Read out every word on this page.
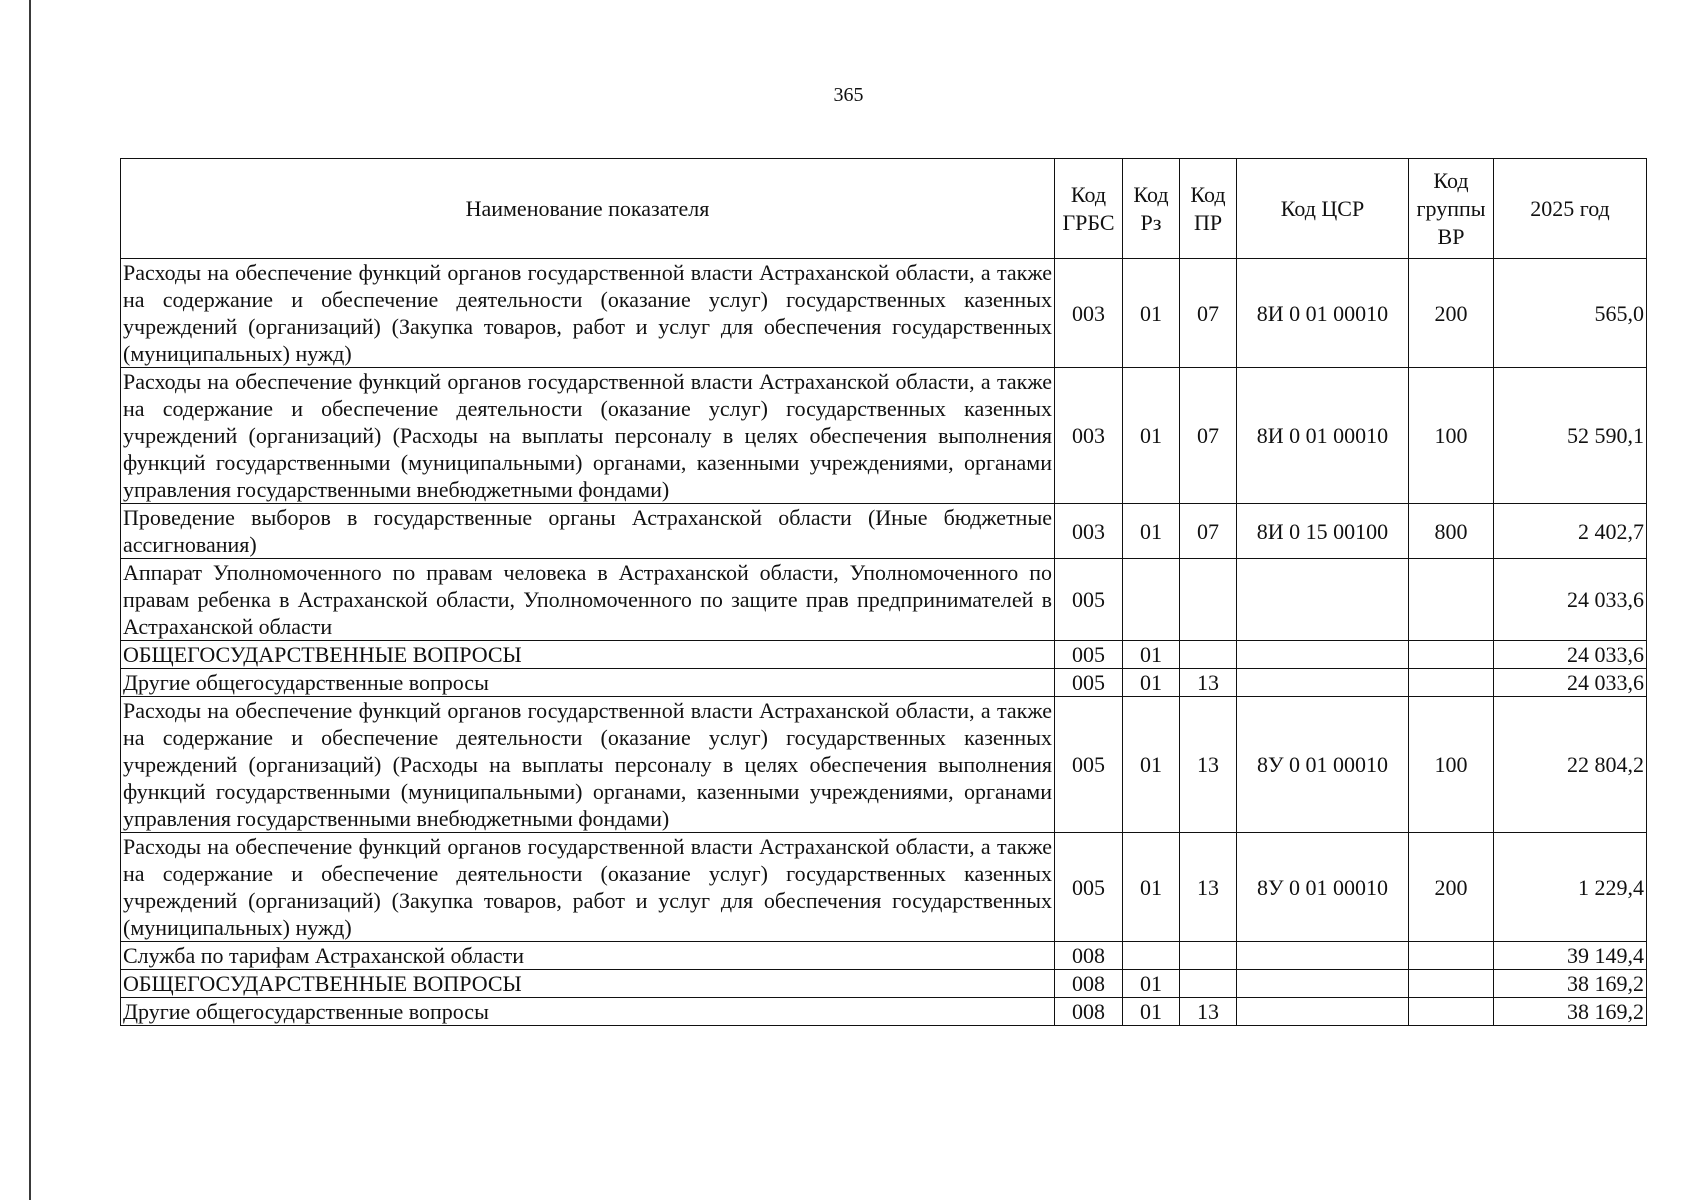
365
Наименование показателя	Код ГРБС	Код Рз	Код ПР	Код ЦСР	Код группы ВР	2025 год
Расходы на обеспечение функций органов государственной власти Астраханской области, а также на содержание и обеспечение деятельности (оказание услуг) государственных казенных учреждений (организаций) (Закупка товаров, работ и услуг для обеспечения государственных (муниципальных) нужд)	003	01	07	8И 0 01 00010	200	565,0
Расходы на обеспечение функций органов государственной власти Астраханской области, а также на содержание и обеспечение деятельности (оказание услуг) государственных казенных учреждений (организаций) (Расходы на выплаты персоналу в целях обеспечения выполнения функций государственными (муниципальными) органами, казенными учреждениями, органами управления государственными внебюджетными фондами)	003	01	07	8И 0 01 00010	100	52 590,1
Проведение выборов в государственные органы Астраханской области (Иные бюджетные ассигнования)	003	01	07	8И 0 15 00100	800	2 402,7
Аппарат Уполномоченного по правам человека в Астраханской области, Уполномоченного по правам ребенка в Астраханской области, Уполномоченного по защите прав предпринимателей в Астраханской области	005					24 033,6
ОБЩЕГОСУДАРСТВЕННЫЕ ВОПРОСЫ	005	01				24 033,6
Другие общегосударственные вопросы	005	01	13			24 033,6
Расходы на обеспечение функций органов государственной власти Астраханской области, а также на содержание и обеспечение деятельности (оказание услуг) государственных казенных учреждений (организаций) (Расходы на выплаты персоналу в целях обеспечения выполнения функций государственными (муниципальными) органами, казенными учреждениями, органами управления государственными внебюджетными фондами)	005	01	13	8У 0 01 00010	100	22 804,2
Расходы на обеспечение функций органов государственной власти Астраханской области, а также на содержание и обеспечение деятельности (оказание услуг) государственных казенных учреждений (организаций) (Закупка товаров, работ и услуг для обеспечения государственных (муниципальных) нужд)	005	01	13	8У 0 01 00010	200	1 229,4
Служба по тарифам Астраханской области	008					39 149,4
ОБЩЕГОСУДАРСТВЕННЫЕ ВОПРОСЫ	008	01				38 169,2
Другие общегосударственные вопросы	008	01	13			38 169,2
